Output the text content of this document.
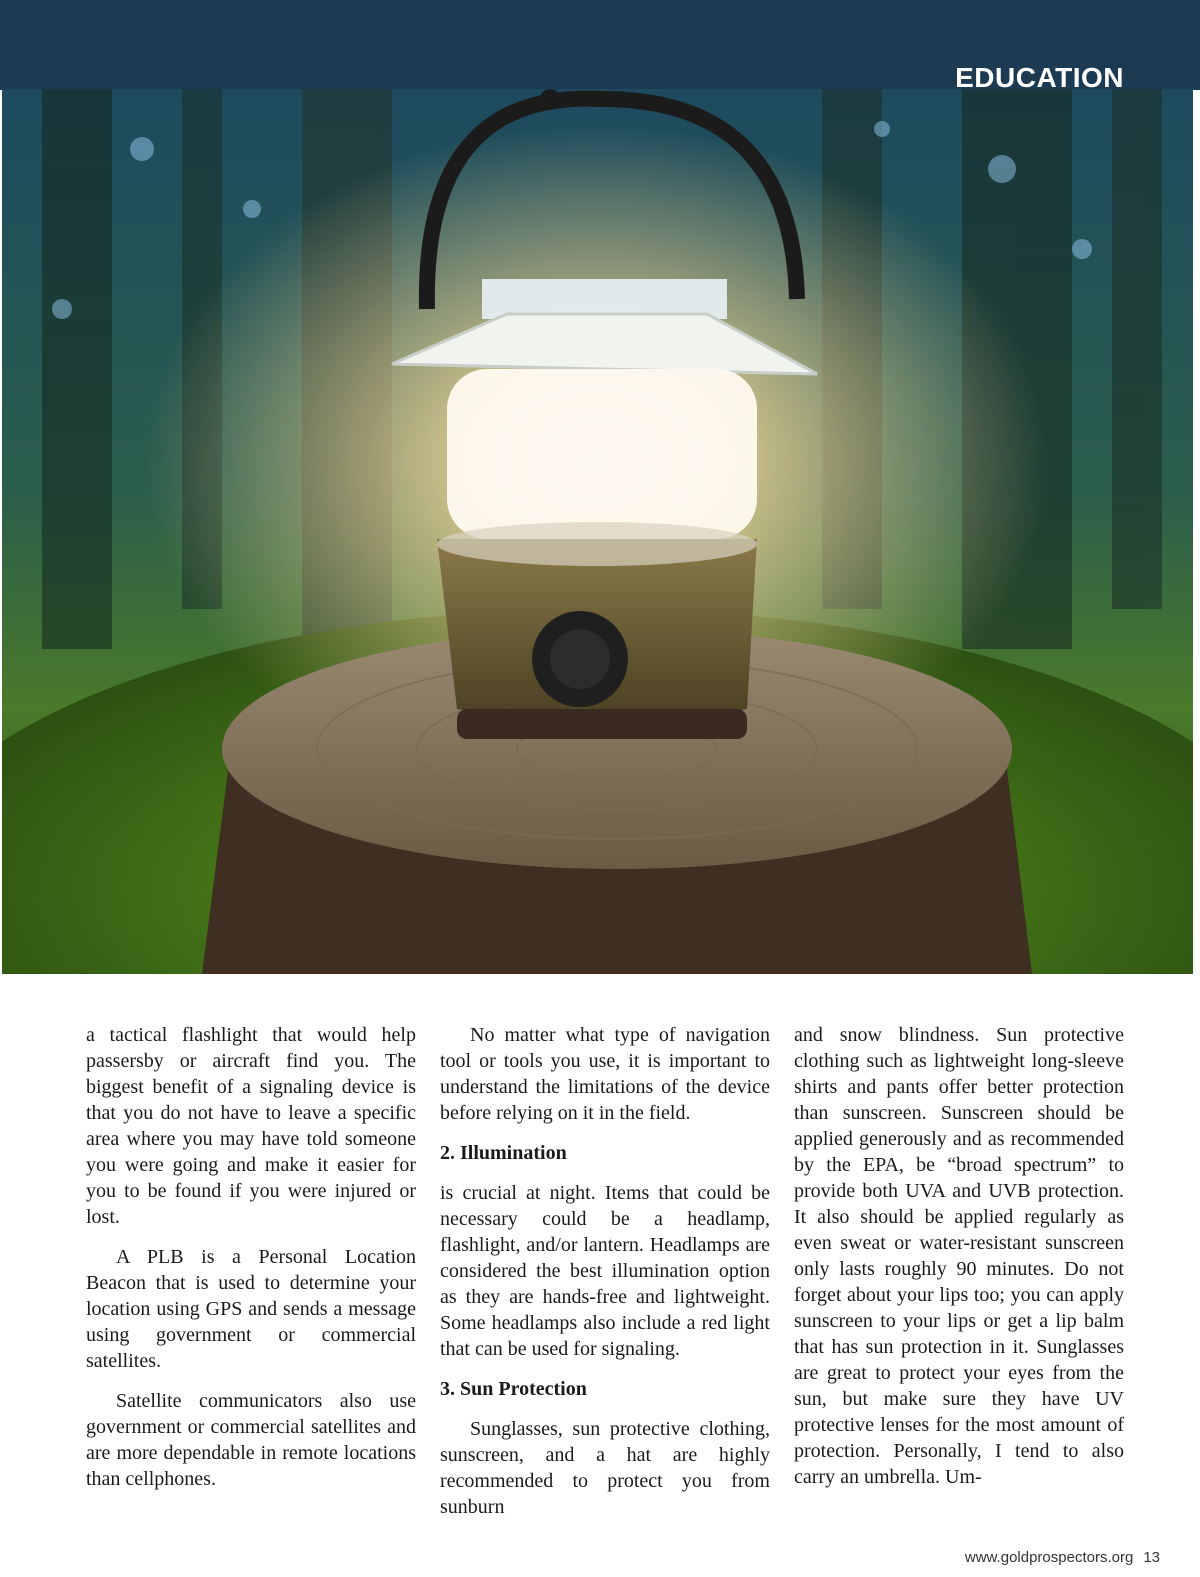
EDUCATION

a tactical flashlight that would help passersby or aircraft find you. The biggest benefit of a signaling device is that you do not have to leave a specific area where you may have told someone you were going and make it easier for you to be found if you were injured or lost.

A PLB is a Personal Location Beacon that is used to determine your location using GPS and sends a message using government or commercial satellites.

Satellite communicators also use government or commercial satellites and are more dependable in remote locations than cellphones.

No matter what type of navigation tool or tools you use, it is important to understand the limitations of the device before relying on it in the field.

2. Illumination

is crucial at night. Items that could be necessary could be a headlamp, flashlight, and/or lantern. Headlamps are considered the best illumination option as they are hands-free and lightweight. Some headlamps also include a red light that can be used for signaling.

3. Sun Protection

Sunglasses, sun protective clothing, sunscreen, and a hat are highly recommended to protect you from sunburn

and snow blindness. Sun protective clothing such as lightweight long-sleeve shirts and pants offer better protection than sunscreen. Sunscreen should be applied generously and as recommended by the EPA, be “broad spectrum” to provide both UVA and UVB protection. It also should be applied regularly as even sweat or water-resistant sunscreen only lasts roughly 90 minutes. Do not forget about your lips too; you can apply sunscreen to your lips or get a lip balm that has sun protection in it. Sunglasses are great to protect your eyes from the sun, but make sure they have UV protective lenses for the most amount of protection. Personally, I tend to also carry an umbrella. Um-

www.goldprospectors.org 13
